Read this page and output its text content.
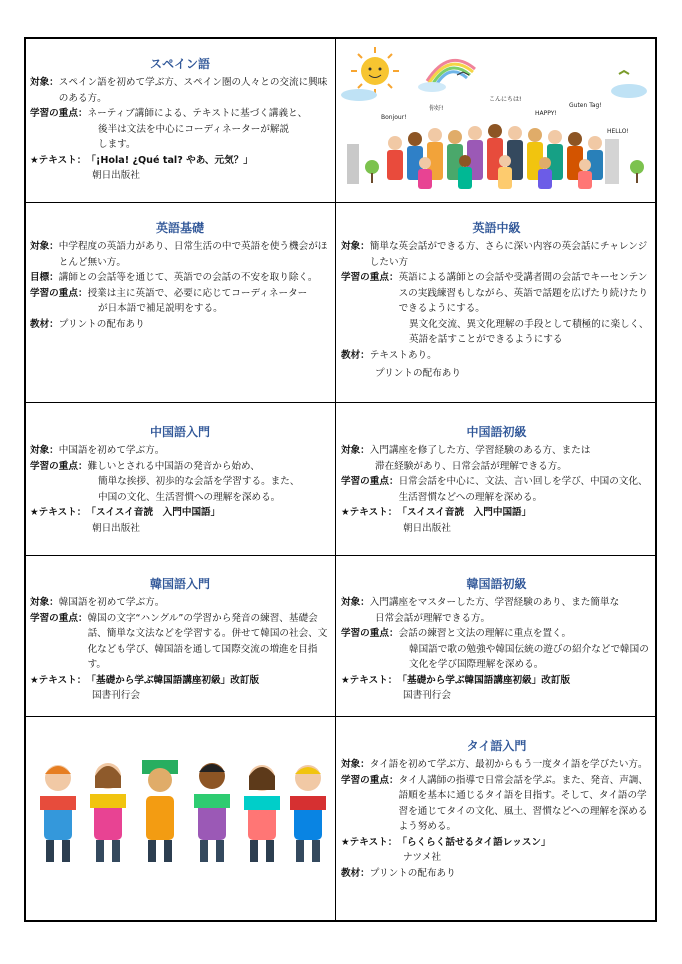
スペイン語
対象： スペイン語を初めて学ぶ方、スペイン圏の人々との交流に興味のある方。
学習の重点： ネーティブ講師による、テキストに基づく講義と、
後半は文法を中心にコーディネーターが解説
します。
★テキスト： 「¡Hola! ¿Qué tal? やあ、元気？」
朝日出版社
Bonjour!
你好!
こんにちは!
HAPPY!
Guten Tag!
HELLO!
英語基礎
対象： 中学程度の英語力があり、日常生活の中で英語を使う機会がほとんど無い方。
目標： 講師との会話等を通じて、英語での会話の不安を取り除く。
学習の重点： 授業は主に英語で、必要に応じてコーディネーター
が日本語で補足説明をする。
教材： プリントの配布あり
英語中級
対象： 簡単な英会話ができる方、さらに深い内容の英会話にチャレンジしたい方
学習の重点： 英語による講師との会話や受講者間の会話でキーセンテンスの実践練習もしながら、英語で話題を広げたり続けたりできるようにする。
異文化交流、異文化理解の手段として積極的に楽しく、英語を話すことができるようにする
教材： テキストあり。
プリントの配布あり
中国語入門
対象： 中国語を初めて学ぶ方。
学習の重点： 難しいとされる中国語の発音から始め、
簡単な挨拶、初歩的な会話を学習する。また、
中国の文化、生活習慣への理解を深める。
★テキスト： 「スイスイ音読　入門中国語」
朝日出版社
中国語初級
対象： 入門講座を修了した方、学習経験のある方、または
滞在経験があり、日常会話が理解できる方。
学習の重点： 日常会話を中心に、文法、言い回しを学び、中国の文化、生活習慣などへの理解を深める。
★テキスト： 「スイスイ音読　入門中国語」
朝日出版社
韓国語入門
対象： 韓国語を初めて学ぶ方。
学習の重点： 韓国の文字“ハングル”の学習から発音の練習、基礎会話、簡単な文法などを学習する。併せて韓国の社会、文化なども学び、韓国語を通して国際交流の増進を目指す。
★テキスト： 「基礎から学ぶ韓国語講座初級」改訂版
国書刊行会
韓国語初級
対象： 入門講座をマスターした方、学習経験のあり、また簡単な
日常会話が理解できる方。
学習の重点： 会話の練習と文法の理解に重点を置く。
韓国語で歌の勉強や韓国伝統の遊びの紹介などで韓国の文化を学び国際理解を深める。
★テキスト： 「基礎から学ぶ韓国語講座初級」改訂版
国書刊行会
タイ語入門
対象： タイ語を初めて学ぶ方、最初からもう一度タイ語を学びたい方。
学習の重点： タイ人講師の指導で日常会話を学ぶ。また、発音、声調、語順を基本に通じるタイ語を目指す。そして、タイ語の学習を通じてタイの文化、風土、習慣などへの理解を深めるよう努める。
★テキスト： 「らくらく話せるタイ語レッスン」
ナツメ社
教材： プリントの配布あり
